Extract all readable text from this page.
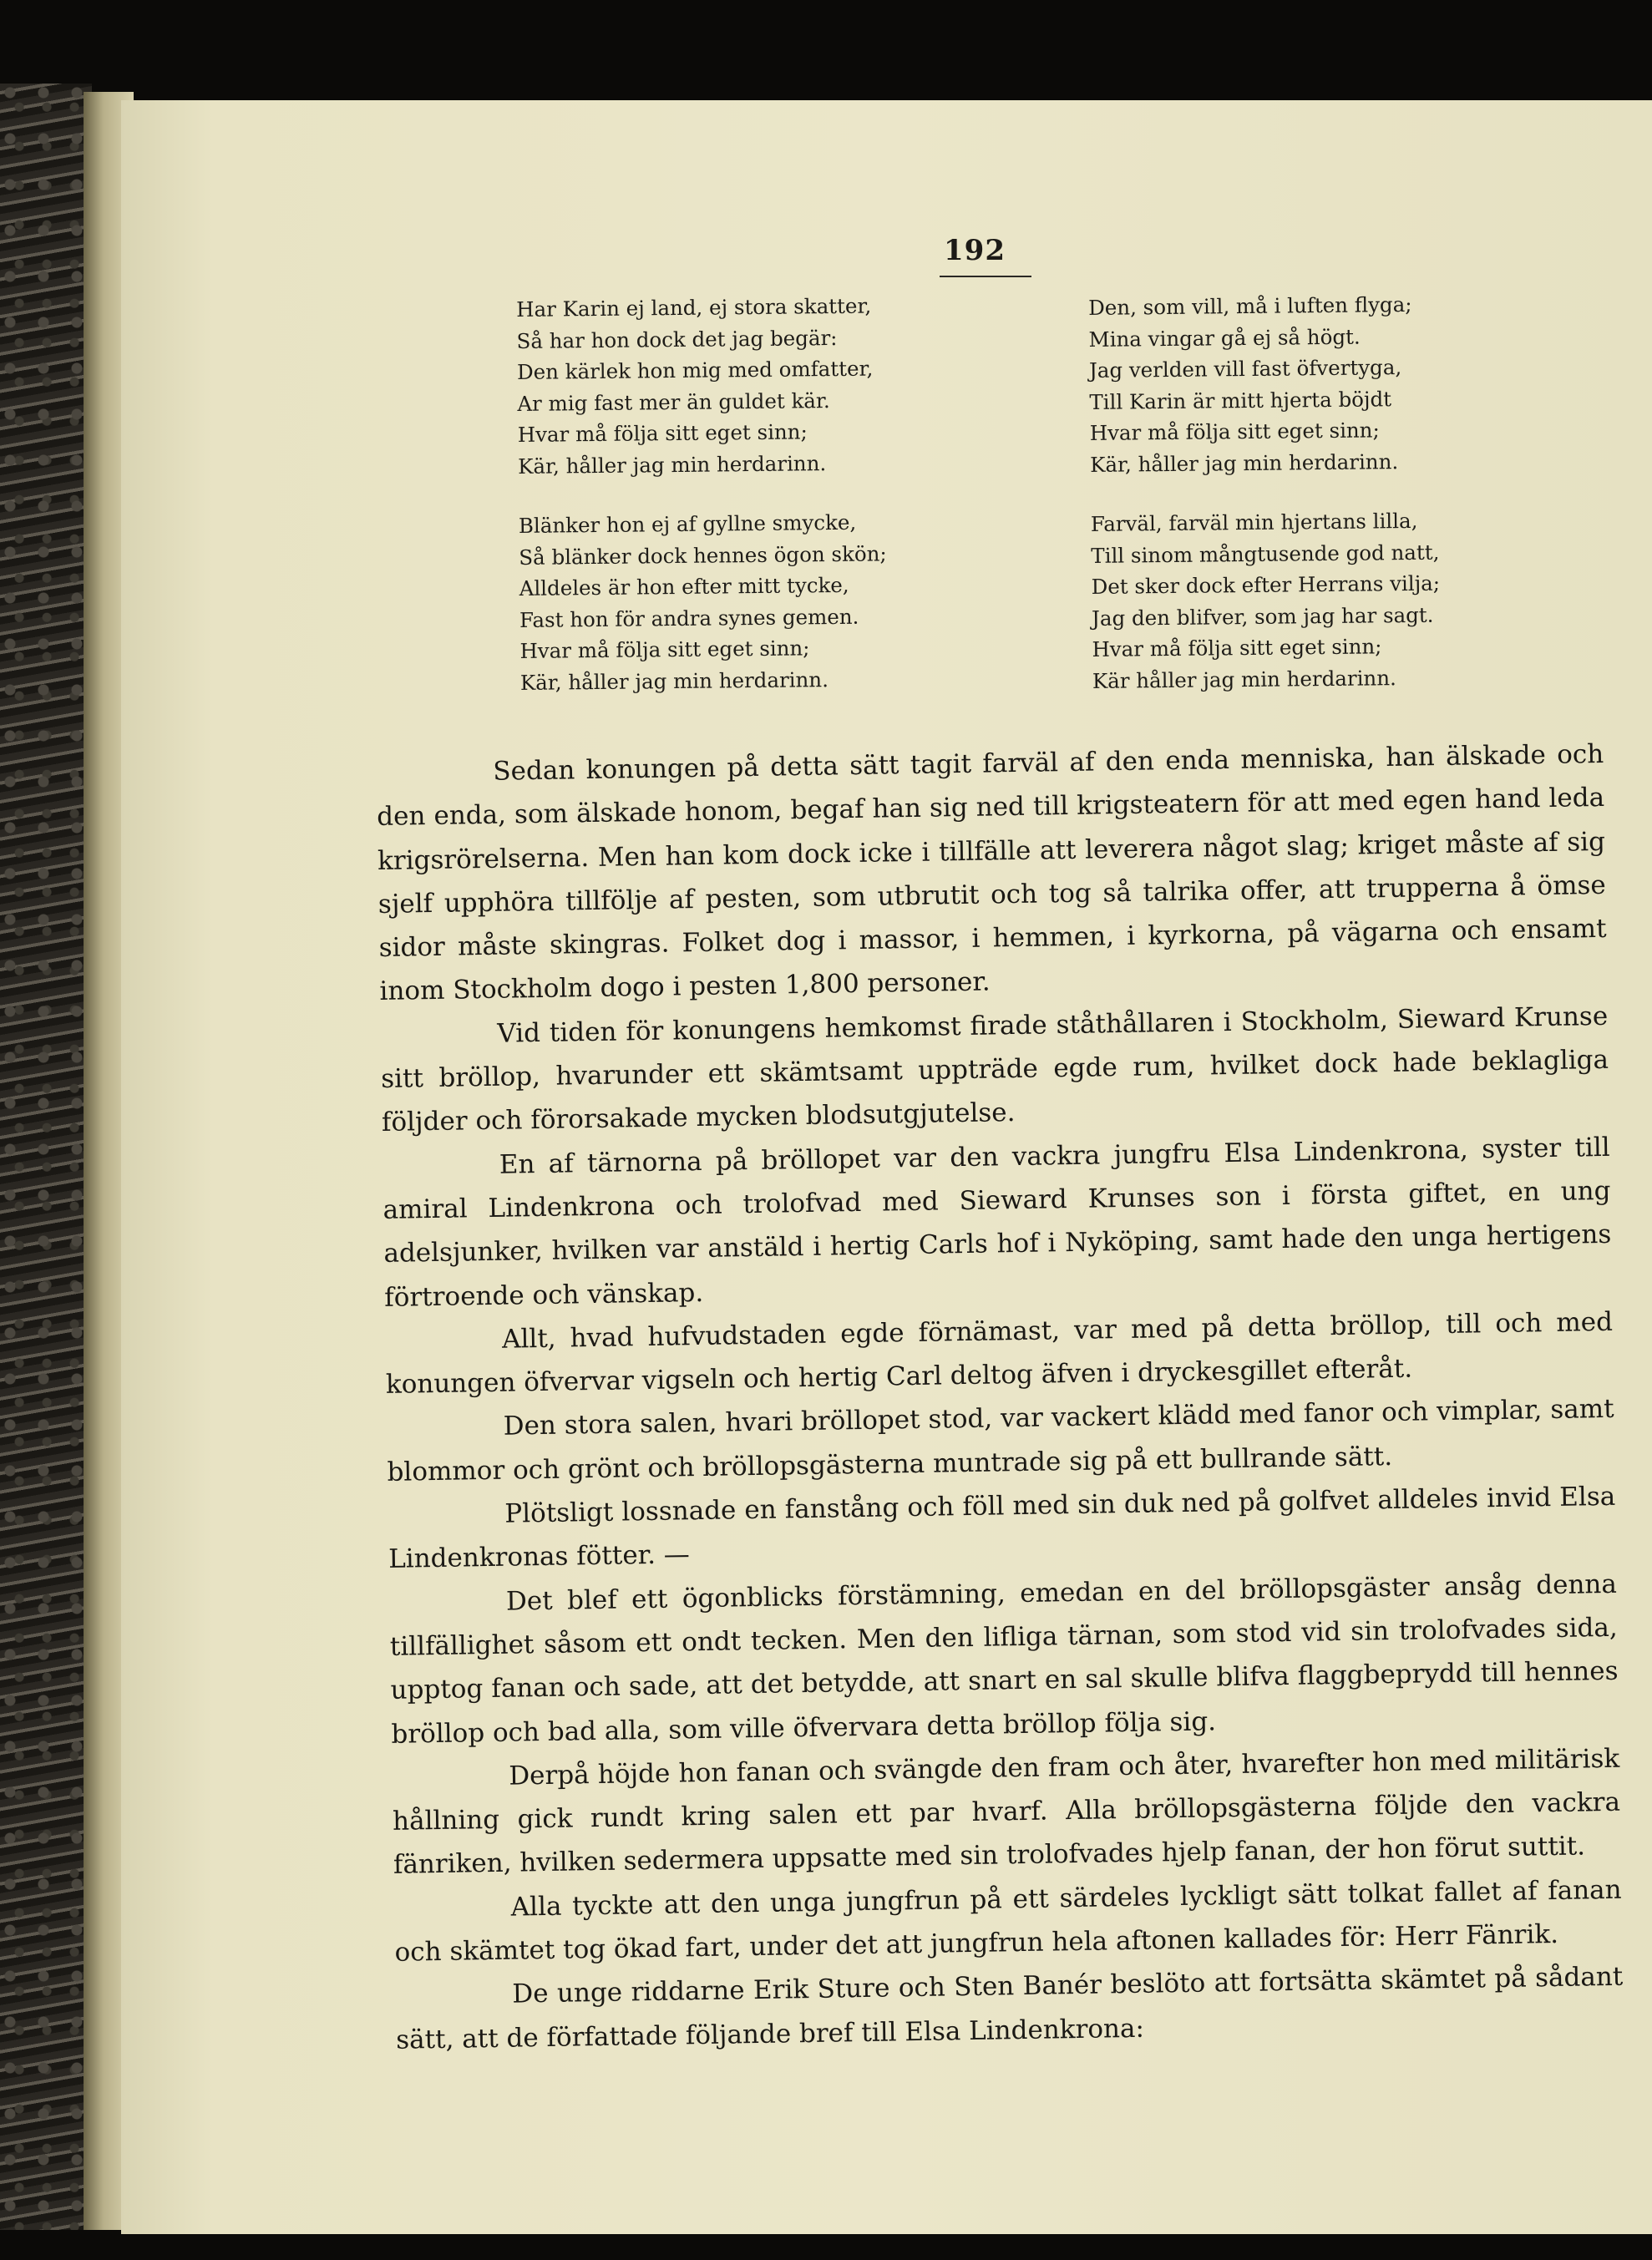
192
Har Karin ej land, ej stora skatter,
Så har hon dock det jag begär:
Den kärlek hon mig med omfatter,
Ar mig fast mer än guldet kär.
Hvar må följa sitt eget sinn;
Kär, håller jag min herdarinn.
Blänker hon ej af gyllne smycke,
Så blänker dock hennes ögon skön;
Alldeles är hon efter mitt tycke,
Fast hon för andra synes gemen.
Hvar må följa sitt eget sinn;
Kär, håller jag min herdarinn.
Den, som vill, må i luften flyga;
Mina vingar gå ej så högt.
Jag verlden vill fast öfvertyga,
Till Karin är mitt hjerta böjdt
Hvar må följa sitt eget sinn;
Kär, håller jag min herdarinn.
Farväl, farväl min hjertans lilla,
Till sinom mångtusende god natt,
Det sker dock efter Herrans vilja;
Jag den blifver, som jag har sagt.
Hvar må följa sitt eget sinn;
Kär håller jag min herdarinn.

Sedan konungen på detta sätt tagit farväl af den enda menniska, han älskade och den enda, som älskade honom, begaf han sig ned till krigsteatern för att med egen hand leda krigsrörelserna. Men han kom dock icke i tillfälle att leverera något slag; kriget måste af sig sjelf upphöra tillföljе af pesten, som utbrutit och tog så talrika offer, att trupperna å ömse sidor måste skingras. Folket dog i massor, i hemmen, i kyrkorna, på vägarna och ensamt inom Stockholm dogo i pesten 1,800 personer.

Vid tiden för konungens hemkomst firade ståthållaren i Stockholm, Sieward Krunse sitt bröllop, hvarunder ett skämtsamt uppträde egde rum, hvilket dock hade beklagliga följder och förorsakade mycken blodsutgjutelse.

En af tärnorna på bröllopet var den vackra jungfru Elsa Lindenkrona, syster till amiral Lindenkrona och trolofvad med Sieward Krunses son i första giftet, en ung adelsjunker, hvilken var anstäld i hertig Carls hof i Nyköping, samt hade den unga hertigens förtroende och vänskap.

Allt, hvad hufvudstaden egde förnämast, var med på detta bröllop, till och med konungen öfvervar vigseln och hertig Carl deltog äfven i dryckesgillet efteråt.

Den stora salen, hvari bröllopet stod, var vackert klädd med fanor och vimplar, samt blommor och grönt och bröllopsgästerna muntrade sig på ett bullrande sätt.

Plötsligt lossnade en fanstång och föll med sin duk ned på golfvet alldeles invid Elsa Lindenkronas fötter. —

Det blef ett ögonblicks förstämning, emedan en del bröllopsgäster ansåg denna tillfällighet såsom ett ondt tecken. Men den lifliga tärnan, som stod vid sin trolofvades sida, upptog fanan och sade, att det betydde, att snart en sal skulle blifva flaggbeprydd till hennes bröllop och bad alla, som ville öfvervara detta bröllop följa sig.

Derpå höjde hon fanan och svängde den fram och åter, hvarefter hon med militärisk hållning gick rundt kring salen ett par hvarf. Alla bröllopsgästerna följde den vackra fänriken, hvilken sedermera uppsatte med sin trolofvades hjelp fanan, der hon förut suttit.

Alla tyckte att den unga jungfrun på ett särdeles lyckligt sätt tolkat fallet af fanan och skämtet tog ökad fart, under det att jungfrun hela aftonen kallades för: Herr Fänrik.

De unge riddarne Erik Sture och Sten Banér beslöto att fortsätta skämtet på sådant sätt, att de författade följande bref till Elsa Lindenkrona:
